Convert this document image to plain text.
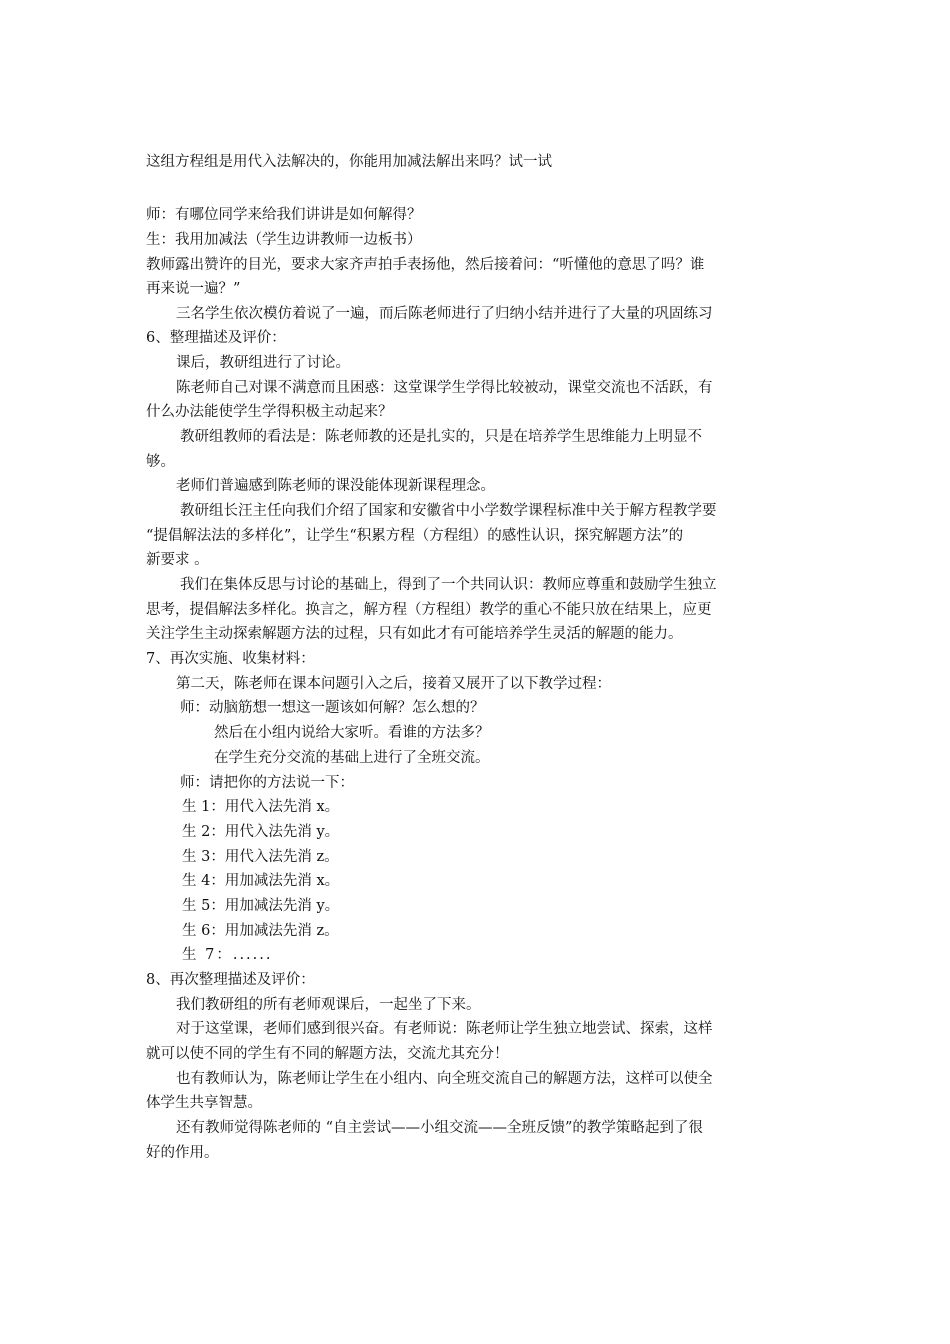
这组方程组是用代入法解决的，你能用加减法解出来吗？试一试
师：有哪位同学来给我们讲讲是如何解得？
生：我用加减法（学生边讲教师一边板书）
教师露出赞许的目光，要求大家齐声拍手表扬他，然后接着问：“听懂他的意思了吗？谁
再来说一遍？”
三名学生依次模仿着说了一遍，而后陈老师进行了归纳小结并进行了大量的巩固练习
6、整理描述及评价：
课后，教研组进行了讨论。
陈老师自己对课不满意而且困惑：这堂课学生学得比较被动，课堂交流也不活跃，有
什么办法能使学生学得积极主动起来？
教研组教师的看法是：陈老师教的还是扎实的，只是在培养学生思维能力上明显不
够。
老师们普遍感到陈老师的课没能体现新课程理念。
教研组长汪主任向我们介绍了国家和安徽省中小学数学课程标准中关于解方程教学要
“提倡解法法的多样化”，让学生“积累方程（方程组）的感性认识，探究解题方法”的
新要求 。
我们在集体反思与讨论的基础上，得到了一个共同认识：教师应尊重和鼓励学生独立
思考，提倡解法多样化。换言之，解方程（方程组）教学的重心不能只放在结果上，应更
关注学生主动探索解题方法的过程，只有如此才有可能培养学生灵活的解题的能力。
7、再次实施、收集材料：
第二天，陈老师在课本问题引入之后，接着又展开了以下教学过程：
师：动脑筋想一想这一题该如何解？怎么想的？
然后在小组内说给大家听。看谁的方法多？
在学生充分交流的基础上进行了全班交流。
师：请把你的方法说一下：
生 1：用代入法先消 x。
生 2：用代入法先消 y。
生 3：用代入法先消 z。
生 4：用加减法先消 x。
生 5：用加减法先消 y。
生 6：用加减法先消 z。
生 7：......
8、再次整理描述及评价：
我们教研组的所有老师观课后，一起坐了下来。
对于这堂课，老师们感到很兴奋。有老师说：陈老师让学生独立地尝试、探索，这样
就可以使不同的学生有不同的解题方法，交流尤其充分！
也有教师认为，陈老师让学生在小组内、向全班交流自己的解题方法，这样可以使全
体学生共享智慧。
还有教师觉得陈老师的 “自主尝试——小组交流——全班反馈”的教学策略起到了很
好的作用。
